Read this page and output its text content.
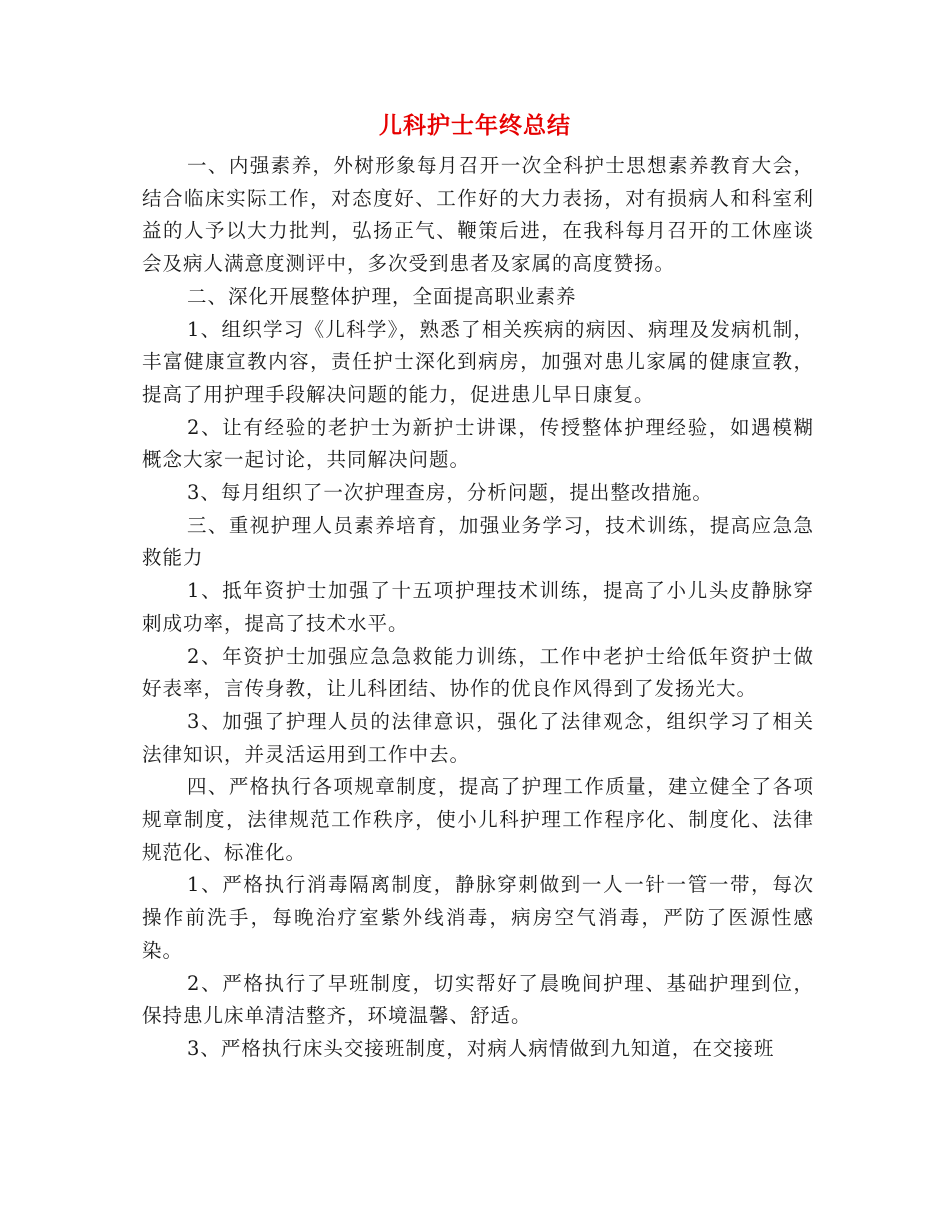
儿科护士年终总结

一、内强素养，外树形象每月召开一次全科护士思想素养教育大会，结合临床实际工作，对态度好、工作好的大力表扬，对有损病人和科室利益的人予以大力批判，弘扬正气、鞭策后进，在我科每月召开的工休座谈会及病人满意度测评中，多次受到患者及家属的高度赞扬。

二、深化开展整体护理，全面提高职业素养

1、组织学习《儿科学》，熟悉了相关疾病的病因、病理及发病机制，丰富健康宣教内容，责任护士深化到病房，加强对患儿家属的健康宣教，提高了用护理手段解决问题的能力，促进患儿早日康复。

2、让有经验的老护士为新护士讲课，传授整体护理经验，如遇模糊概念大家一起讨论，共同解决问题。

3、每月组织了一次护理查房，分析问题，提出整改措施。

三、重视护理人员素养培育，加强业务学习，技术训练，提高应急急救能力

1、抵年资护士加强了十五项护理技术训练，提高了小儿头皮静脉穿刺成功率，提高了技术水平。

2、年资护士加强应急急救能力训练，工作中老护士给低年资护士做好表率，言传身教，让儿科团结、协作的优良作风得到了发扬光大。

3、加强了护理人员的法律意识，强化了法律观念，组织学习了相关法律知识，并灵活运用到工作中去。

四、严格执行各项规章制度，提高了护理工作质量，建立健全了各项规章制度，法律规范工作秩序，使小儿科护理工作程序化、制度化、法律规范化、标准化。

1、严格执行消毒隔离制度，静脉穿刺做到一人一针一管一带，每次操作前洗手，每晚治疗室紫外线消毒，病房空气消毒，严防了医源性感染。

2、严格执行了早班制度，切实帮好了晨晚间护理、基础护理到位，保持患儿床单清洁整齐，环境温馨、舒适。

3、严格执行床头交接班制度，对病人病情做到九知道，在交接班
